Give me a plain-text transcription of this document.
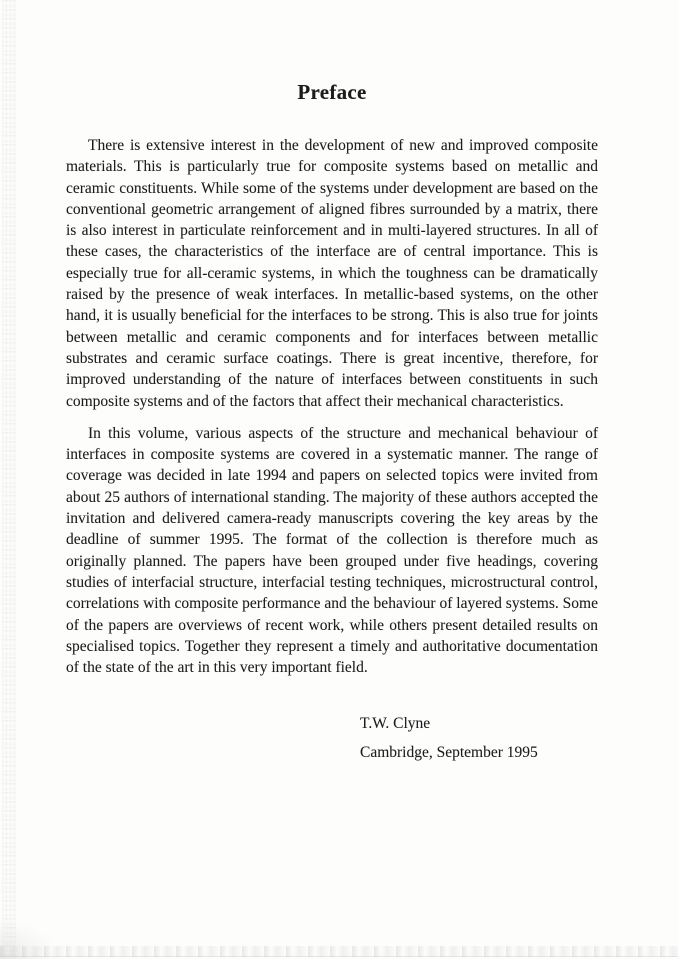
Preface

There is extensive interest in the development of new and improved composite materials. This is particularly true for composite systems based on metallic and ceramic constituents. While some of the systems under development are based on the conventional geometric arrangement of aligned fibres surrounded by a matrix, there is also interest in particulate reinforcement and in multi-layered structures. In all of these cases, the characteristics of the interface are of central importance. This is especially true for all-ceramic systems, in which the toughness can be dramatically raised by the presence of weak interfaces. In metallic-based systems, on the other hand, it is usually beneficial for the interfaces to be strong. This is also true for joints between metallic and ceramic components and for interfaces between metallic substrates and ceramic surface coatings. There is great incentive, therefore, for improved understanding of the nature of interfaces between constituents in such composite systems and of the factors that affect their mechanical characteristics.

In this volume, various aspects of the structure and mechanical behaviour of interfaces in composite systems are covered in a systematic manner. The range of coverage was decided in late 1994 and papers on selected topics were invited from about 25 authors of international standing. The majority of these authors accepted the invitation and delivered camera-ready manuscripts covering the key areas by the deadline of summer 1995. The format of the collection is therefore much as originally planned. The papers have been grouped under five headings, covering studies of interfacial structure, interfacial testing techniques, microstructural control, correlations with composite performance and the behaviour of layered systems. Some of the papers are overviews of recent work, while others present detailed results on specialised topics. Together they represent a timely and authoritative documentation of the state of the art in this very important field.

T.W. Clyne
Cambridge, September 1995
